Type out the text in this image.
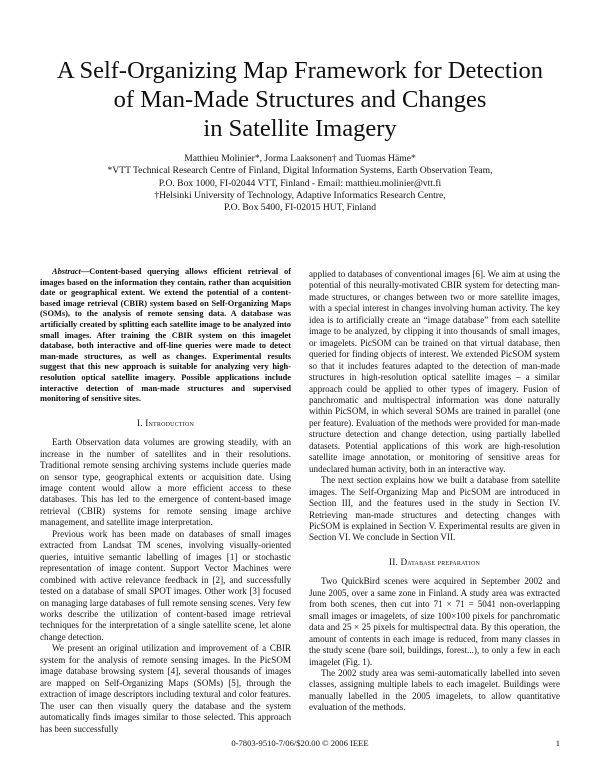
A Self-Organizing Map Framework for Detection
of Man-Made Structures and Changes
in Satellite Imagery
Matthieu Molinier*, Jorma Laaksonen† and Tuomas Häme*
*VTT Technical Research Centre of Finland, Digital Information Systems, Earth Observation Team,
P.O. Box 1000, FI-02044 VTT, Finland - Email: matthieu.molinier@vtt.fi
†Helsinki University of Technology, Adaptive Informatics Research Centre,
P.O. Box 5400, FI-02015 HUT, Finland

Abstract—Content-based querying allows efficient retrieval of images based on the information they contain, rather than acquisition date or geographical extent. We extend the potential of a content-based image retrieval (CBIR) system based on Self-Organizing Maps (SOMs), to the analysis of remote sensing data. A database was artificially created by splitting each satellite image to be analyzed into small images. After training the CBIR system on this imagelet database, both interactive and off-line queries were made to detect man-made structures, as well as changes. Experimental results suggest that this new approach is suitable for analyzing very high-resolution optical satellite imagery. Possible applications include interactive detection of man-made structures and supervised monitoring of sensitive sites.

I. Introduction

Earth Observation data volumes are growing steadily, with an increase in the number of satellites and in their resolutions. Traditional remote sensing archiving systems include queries made on sensor type, geographical extents or acquisition date. Using image content would allow a more efficient access to these databases. This has led to the emergence of content-based image retrieval (CBIR) systems for remote sensing image archive management, and satellite image interpretation.

Previous work has been made on databases of small images extracted from Landsat TM scenes, involving visually-oriented queries, intuitive semantic labelling of images [1] or stochastic representation of image content. Support Vector Machines were combined with active relevance feedback in [2], and successfully tested on a database of small SPOT images. Other work [3] focused on managing large databases of full remote sensing scenes. Very few works describe the utilization of content-based image retrieval techniques for the interpretation of a single satellite scene, let alone change detection.

We present an original utilization and improvement of a CBIR system for the analysis of remote sensing images. In the PicSOM image database browsing system [4], several thousands of images are mapped on Self-Organizing Maps (SOMs) [5], through the extraction of image descriptors including textural and color features. The user can then visually query the database and the system automatically finds images similar to those selected. This approach has been successfully

applied to databases of conventional images [6]. We aim at using the potential of this neurally-motivated CBIR system for detecting man-made structures, or changes between two or more satellite images, with a special interest in changes involving human activity. The key idea is to artificially create an “image database” from each satellite image to be analyzed, by clipping it into thousands of small images, or imagelets. PicSOM can be trained on that virtual database, then queried for finding objects of interest. We extended PicSOM system so that it includes features adapted to the detection of man-made structures in high-resolution optical satellite images – a similar approach could be applied to other types of imagery. Fusion of panchromatic and multispectral information was done naturally within PicSOM, in which several SOMs are trained in parallel (one per feature). Evaluation of the methods were provided for man-made structure detection and change detection, using partially labelled datasets. Potential applications of this work are high-resolution satellite image annotation, or monitoring of sensitive areas for undeclared human activity, both in an interactive way.

The next section explains how we built a database from satellite images. The Self-Organizing Map and PicSOM are introduced in Section III, and the features used in the study in Section IV. Retrieving man-made structures and detecting changes with PicSOM is explained in Section V. Experimental results are given in Section VI. We conclude in Section VII.

II. Database preparation

Two QuickBird scenes were acquired in September 2002 and June 2005, over a same zone in Finland. A study area was extracted from both scenes, then cut into 71 × 71 = 5041 non-overlapping small images or imagelets, of size 100×100 pixels for panchromatic data and 25 × 25 pixels for multispectral data. By this operation, the amount of contents in each image is reduced, from many classes in the study scene (bare soil, buildings, forest...), to only a few in each imagelet (Fig. 1).

The 2002 study area was semi-automatically labelled into seven classes, assigning multiple labels to each imagelet. Buildings were manually labelled in the 2005 imagelets, to allow quantitative evaluation of the methods.

0-7803-9510-7/06/$20.00 © 2006 IEEE	1
